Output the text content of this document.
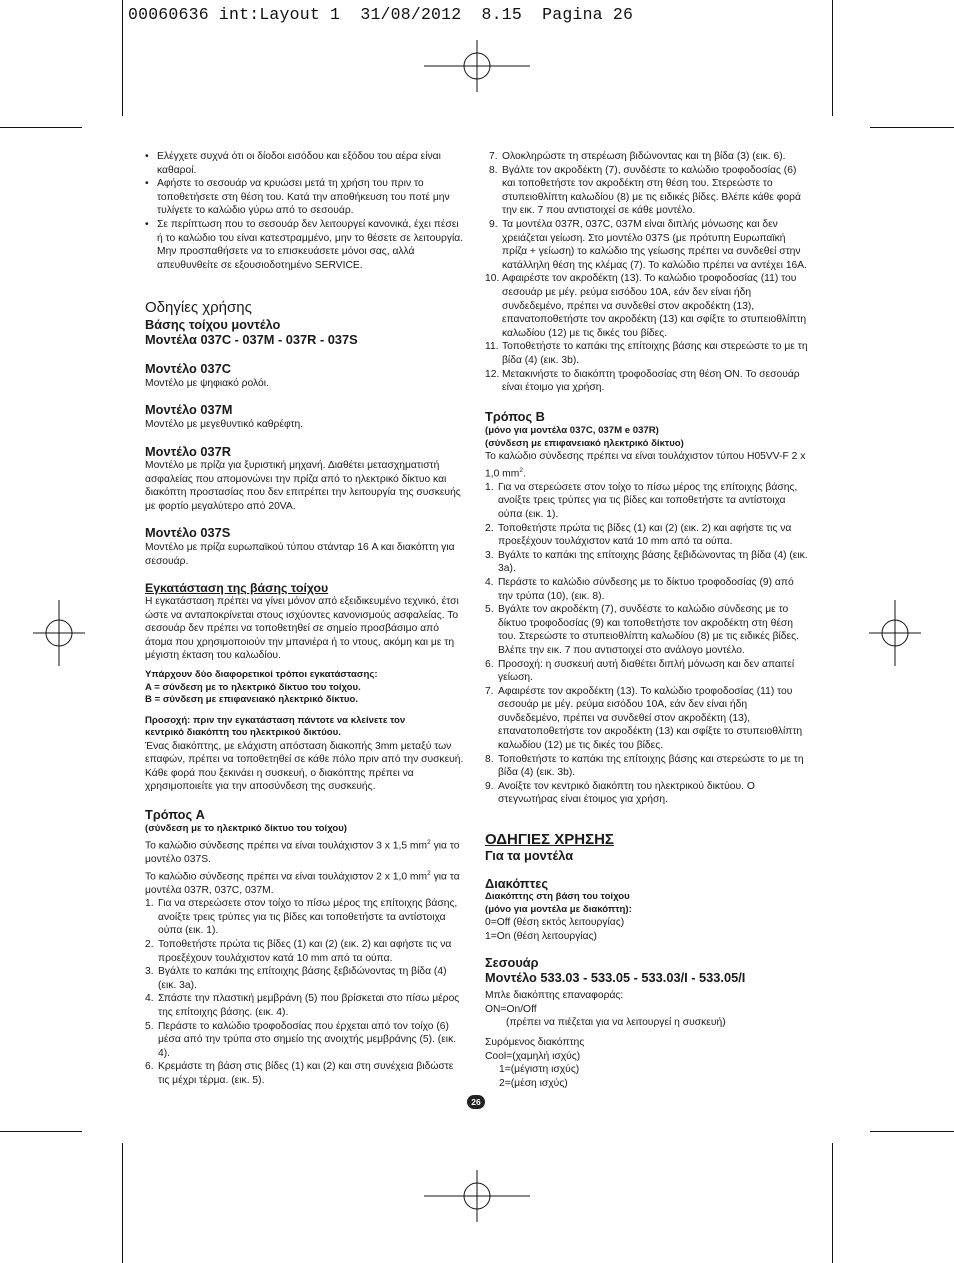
00060636 int:Layout 1  31/08/2012  8.15  Pagina 26
• Ελέγχετε συχνά ότι οι δίοδοι εισόδου και εξόδου του αέρα είναι καθαροί.
• Αφήστε το σεσουάρ να κρυώσει μετά τη χρήση του πριν το τοποθετήσετε στη θέση του. Κατά την αποθήκευση του ποτέ μην τυλίγετε το καλώδιο γύρω από το σεσουάρ.
• Σε περίπτωση που το σεσουάρ δεν λειτουργεί κανονικά, έχει πέσει ή το καλώδιο του είναι κατεστραμμένο, μην το θέσετε σε λειτουργία. Μην προσπαθήσετε να το επισκευάσετε μόνοι σας, αλλά απευθυνθείτε σε εξουσιοδοτημένο SERVICE.

Οδηγίες χρήσης

Βάσης τοίχου μοντέλο

Μοντέλα 037C - 037M - 037R - 037S

Μοντέλο 037C

Μοντέλο με ψηφιακό ρολόι.

Μοντέλο 037M

Μοντέλο με μεγεθυντικό καθρέφτη.

Μοντέλο 037R

Μοντέλο με πρίζα για ξυριστική μηχανή. Διαθέτει μετασχηματιστή ασφαλείας που απομονώνει την πρίζα από το ηλεκτρικό δίκτυο και διακόπτη προστασίας που δεν επιτρέπει την λειτουργία της συσκευής με φορτίο μεγαλύτερο από 20VA.

Μοντέλο 037S

Μοντέλο με πρίζα ευρωπαϊκού τύπου στάνταρ 16 A και διακόπτη για σεσουάρ.

Εγκατάσταση της βάσης τοίχου

Η εγκατάσταση πρέπει να γίνει μόνον από εξειδικευμένο τεχνικό, έτσι ώστε να ανταποκρίνεται στους ισχύοντες κανονισμούς ασφαλείας. Το σεσουάρ δεν πρέπει να τοποθετηθεί σε σημείο προσβάσιμο από άτομα που χρησιμοποιούν την μπανιέρα ή το ντους, ακόμη και με τη μέγιστη έκταση του καλωδίου.

Υπάρχουν δύο διαφορετικοί τρόποι εγκατάστασης:

A = σύνδεση με το ηλεκτρικό δίκτυο του τοίχου.

B = σύνδεση με επιφανειακό ηλεκτρικό δίκτυο.

Προσοχή: πριν την εγκατάσταση πάντοτε να κλείνετε τον

κεντρικό διακόπτη του ηλεκτρικού δικτύου.

Ένας διακόπτης, με ελάχιστη απόσταση διακοπής 3mm μεταξύ των επαφών, πρέπει να τοποθετηθεί σε κάθε πόλο πριν από την συσκευή. Κάθε φορά που ξεκινάει η συσκευή, ο διακόπτης πρέπει να χρησιμοποιείτε για την αποσύνδεση της συσκευής.

Τρόπος A

(σύνδεση με το ηλεκτρικό δίκτυο του τοίχου)

Το καλώδιο σύνδεσης πρέπει να είναι τουλάχιστον 3 x 1,5 $mm^2$ για το μοντέλο 037S.

Το καλώδιο σύνδεσης πρέπει να είναι τουλάχιστον 2 x 1,0 $mm^2$ για τα μοντέλα 037R, 037C, 037M.

1. Για να στερεώσετε στον τοίχο το πίσω μέρος της επίτοιχης βάσης, ανοίξτε τρεις τρύπες για τις βίδες και τοποθετήστε τα αντίστοιχα ούπα (εικ. 1).
2. Τοποθετήστε πρώτα τις βίδες (1) και (2) (εικ. 2) και αφήστε τις να προεξέχουν τουλάχιστον κατά 10 mm από τα ούπα.
3. Βγάλτε το καπάκι της επίτοιχης βάσης ξεβιδώνοντας τη βίδα (4) (εικ. 3a).
4. Σπάστε την πλαστική μεμβράνη (5) που βρίσκεται στο πίσω μέρος της επίτοιχης βάσης. (εικ. 4).
5. Περάστε το καλώδιο τροφοδοσίας που έρχεται από τον τοίχο (6) μέσα από την τρύπα στο σημείο της ανοιχτής μεμβράνης (5). (εικ. 4).
6. Κρεμάστε τη βάση στις βίδες (1) και (2) και στη συνέχεια βιδώστε τις μέχρι τέρμα. (εικ. 5).
7. Ολοκληρώστε τη στερέωση βιδώνοντας και τη βίδα (3) (εικ. 6).
8. Βγάλτε τον ακροδέκτη (7), συνδέστε το καλώδιο τροφοδοσίας (6) και τοποθετήστε τον ακροδέκτη στη θέση του. Στερεώστε το στυπειοθλίπτη καλωδίου (8) με τις ειδικές βίδες. Βλέπε κάθε φορά την εικ. 7 που αντιστοιχεί σε κάθε μοντέλο.
9. Τα μοντέλα 037R, 037C, 037M είναι διπλής μόνωσης και δεν χρειάζεται γείωση. Στο μοντέλο 037S (με πρότυπη Ευρωπαϊκή πρίζα + γείωση) το καλώδιο της γείωσης πρέπει να συνδεθεί στην κατάλληλη θέση της κλέμας (7). Το καλώδιο πρέπει να αντέχει 16A.
10. Αφαιρέστε τον ακροδέκτη (13). Το καλώδιο τροφοδοσίας (11) του σεσουάρ με μέγ. ρεύμα εισόδου 10A, εάν δεν είναι ήδη συνδεδεμένο, πρέπει να συνδεθεί στον ακροδέκτη (13), επανατοποθετήστε τον ακροδέκτη (13) και σφίξτε το στυπειοθλίπτη καλωδίου (12) με τις δικές του βίδες.
11. Τοποθετήστε το καπάκι της επίτοιχης βάσης και στερεώστε το με τη βίδα (4) (εικ. 3b).
12. Μετακινήστε το διακόπτη τροφοδοσίας στη θέση ON. Το σεσουάρ είναι έτοιμο για χρήση.

Τρόπος B

(μόνο για μοντέλα 037C, 037M e 037R)

(σύνδεση με επιφανειακό ηλεκτρικό δίκτυο)

Το καλώδιο σύνδεσης πρέπει να είναι τουλάχιστον τύπου H05VV-F 2 x 1,0 $mm^2$.

1. Για να στερεώσετε στον τοίχο το πίσω μέρος της επίτοιχης βάσης, ανοίξτε τρεις τρύπες για τις βίδες και τοποθετήστε τα αντίστοιχα ούπα (εικ. 1).
2. Τοποθετήστε πρώτα τις βίδες (1) και (2) (εικ. 2) και αφήστε τις να προεξέχουν τουλάχιστον κατά 10 mm από τα ούπα.
3. Βγάλτε το καπάκι της επίτοιχης βάσης ξεβιδώνοντας τη βίδα (4) (εικ. 3a).
4. Περάστε το καλώδιο σύνδεσης με το δίκτυο τροφοδοσίας (9) από την τρύπα (10), (εικ. 8).
5. Βγάλτε τον ακροδέκτη (7), συνδέστε το καλώδιο σύνδεσης με το δίκτυο τροφοδοσίας (9) και τοποθετήστε τον ακροδέκτη στη θέση του. Στερεώστε το στυπειοθλίπτη καλωδίου (8) με τις ειδικές βίδες. Βλέπε την εικ. 7 που αντιστοιχεί στο ανάλογο μοντέλο.
6. Προσοχή: η συσκευή αυτή διαθέτει διπλή μόνωση και δεν απαιτεί γείωση.
7. Αφαιρέστε τον ακροδέκτη (13). Το καλώδιο τροφοδοσίας (11) του σεσουάρ με μέγ. ρεύμα εισόδου 10A, εάν δεν είναι ήδη συνδεδεμένο, πρέπει να συνδεθεί στον ακροδέκτη (13), επανατοποθετήστε τον ακροδέκτη (13) και σφίξτε το στυπειοθλίπτη καλωδίου (12) με τις δικές του βίδες.
8. Τοποθετήστε το καπάκι της επίτοιχης βάσης και στερεώστε το με τη βίδα (4) (εικ. 3b).
9. Ανοίξτε τον κεντρικό διακόπτη του ηλεκτρικού δικτύου. Ο στεγνωτήρας είναι έτοιμος για χρήση.

ΟΔΗΓΙΕΣ ΧΡΗΣΗΣ

Για τα μοντέλα

Διακόπτες

Διακόπτης στη βάση του τοίχου

(μόνο για μοντέλα με διακόπτη):

0=Off (θέση εκτός λειτουργίας)

1=On (θέση λειτουργίας)

Σεσουάρ

Μοντέλο 533.03 - 533.05 - 533.03/I - 533.05/I

Μπλε διακόπτης επαναφοράς:

ON=On/Off

(πρέπει να πιέζεται για να λειτουργεί η συσκευή)

Συρόμενος διακόπτης

Cool=(χαμηλή ισχύς)

1=(μέγιστη ισχύς)

2=(μέση ισχύς)

26
